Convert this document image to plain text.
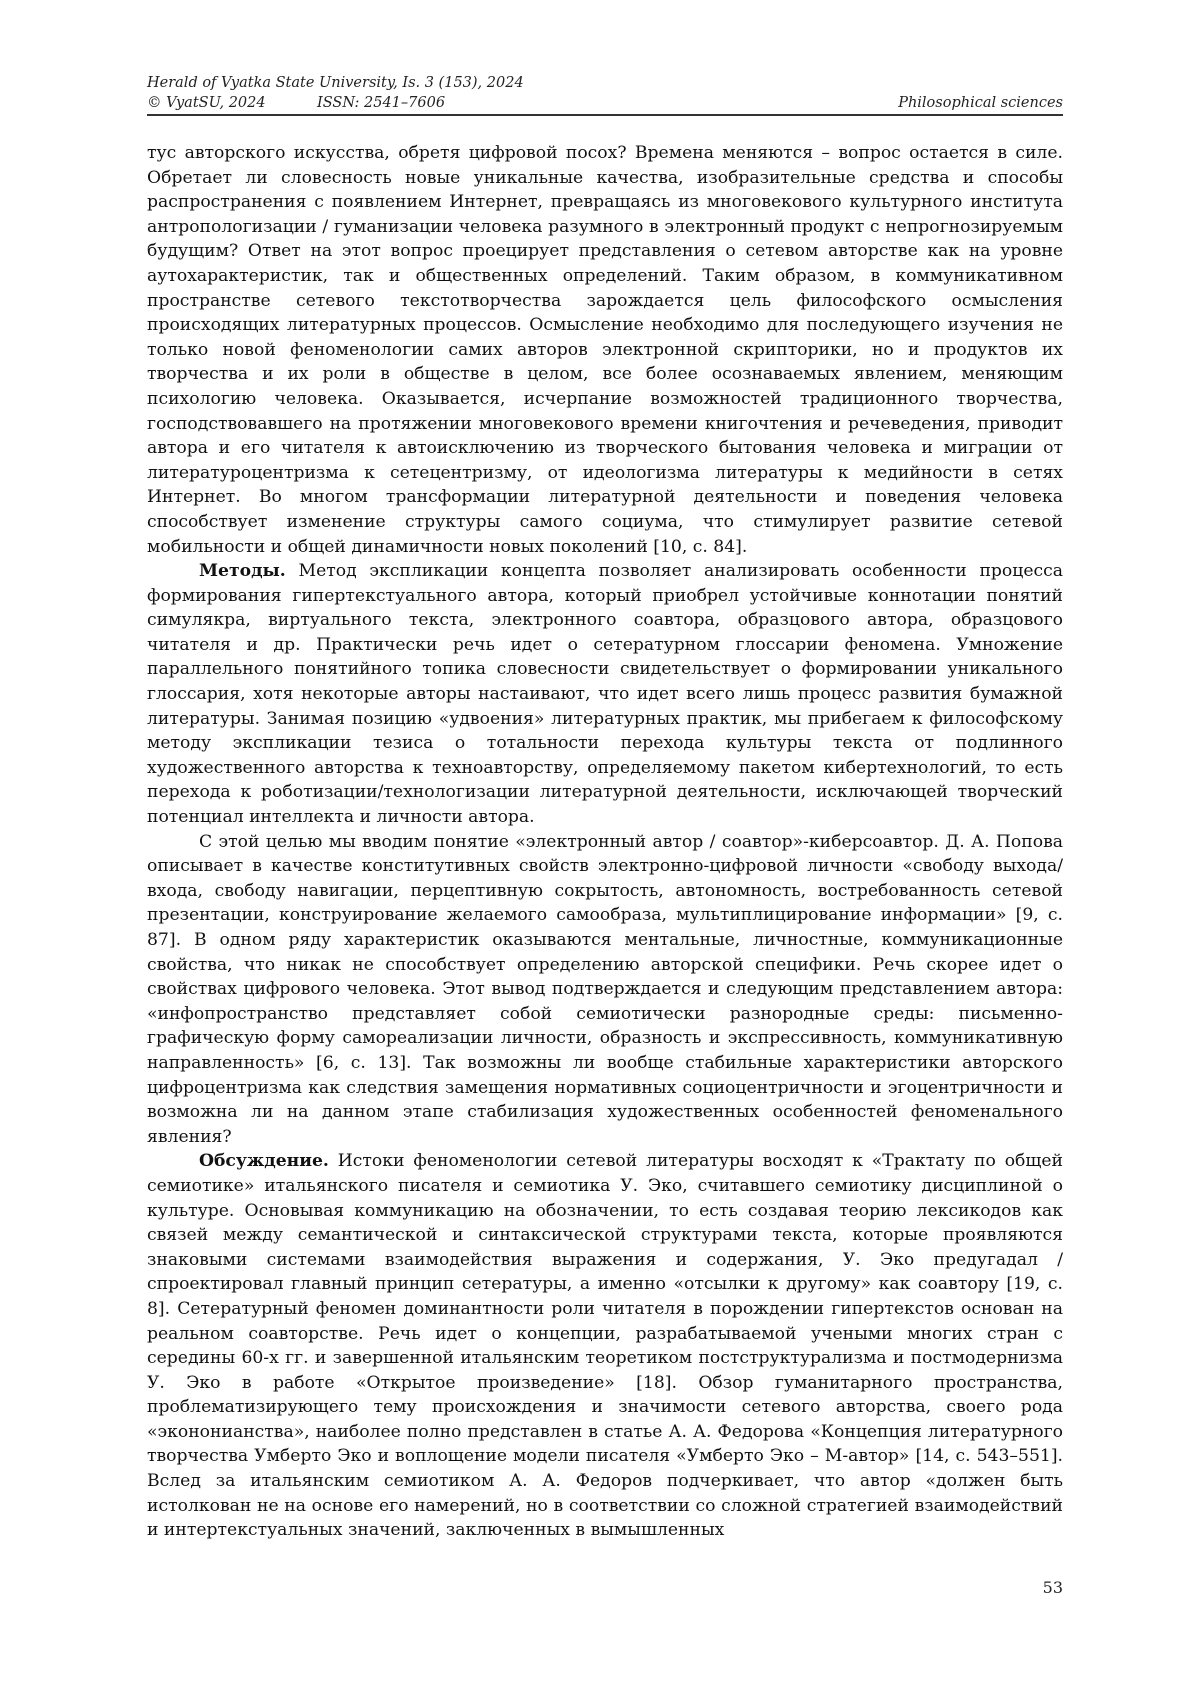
Herald of Vyatka State University, Is. 3 (153), 2024
© VyatSU, 2024	ISSN: 2541–7606	Philosophical sciences

тус авторского искусства, обретя цифровой посох? Времена меняются – вопрос остается в силе. Обретает ли словесность новые уникальные качества, изобразительные средства и способы распространения с появлением Интернет, превращаясь из многовекового культурного института антропологизации / гуманизации человека разумного в электронный продукт с непрогнозируемым будущим? Ответ на этот вопрос проецирует представления о сетевом авторстве как на уровне аутохарактеристик, так и общественных определений. Таким образом, в коммуникативном пространстве сетевого текстотворчества зарождается цель философского осмысления происходящих литературных процессов. Осмысление необходимо для последующего изучения не только новой феноменологии самих авторов электронной скрипторики, но и продуктов их творчества и их роли в обществе в целом, все более осознаваемых явлением, меняющим психологию человека. Оказывается, исчерпание возможностей традиционного творчества, господствовавшего на протяжении многовекового времени книгочтения и речеведения, приводит автора и его читателя к автоисключению из творческого бытования человека и миграции от литературоцентризма к сетецентризму, от идеологизма литературы к медийности в сетях Интернет. Во многом трансформации литературной деятельности и поведения человека способствует изменение структуры самого социума, что стимулирует развитие сетевой мобильности и общей динамичности новых поколений [10, с. 84].

Методы. Метод экспликации концепта позволяет анализировать особенности процесса формирования гипертекстуального автора, который приобрел устойчивые коннотации понятий симулякра, виртуального текста, электронного соавтора, образцового автора, образцового читателя и др. Практически речь идет о сетературном глоссарии феномена. Умножение параллельного понятийного топика словесности свидетельствует о формировании уникального глоссария, хотя некоторые авторы настаивают, что идет всего лишь процесс развития бумажной литературы. Занимая позицию «удвоения» литературных практик, мы прибегаем к философскому методу экспликации тезиса о тотальности перехода культуры текста от подлинного художественного авторства к техноавторству, определяемому пакетом кибертехнологий, то есть перехода к роботизации/технологизации литературной деятельности, исключающей творческий потенциал интеллекта и личности автора.

С этой целью мы вводим понятие «электронный автор / соавтор»-киберсоавтор. Д. А. Попова описывает в качестве конститутивных свойств электронно-цифровой личности «свободу выхода/входа, свободу навигации, перцептивную сокрытость, автономность, востребованность сетевой презентации, конструирование желаемого самообраза, мультиплицирование информации» [9, с. 87]. В одном ряду характеристик оказываются ментальные, личностные, коммуникационные свойства, что никак не способствует определению авторской специфики. Речь скорее идет о свойствах цифрового человека. Этот вывод подтверждается и следующим представлением автора: «инфопространство представляет собой семиотически разнородные среды: письменно-графическую форму самореализации личности, образность и экспрессивность, коммуникативную направленность» [6, с. 13]. Так возможны ли вообще стабильные характеристики авторского цифроцентризма как следствия замещения нормативных социоцентричности и эгоцентричности и возможна ли на данном этапе стабилизация художественных особенностей феноменального явления?

Обсуждение. Истоки феноменологии сетевой литературы восходят к «Трактату по общей семиотике» итальянского писателя и семиотика У. Эко, считавшего семиотику дисциплиной о культуре. Основывая коммуникацию на обозначении, то есть создавая теорию лексикодов как связей между семантической и синтаксической структурами текста, которые проявляются знаковыми системами взаимодействия выражения и содержания, У. Эко предугадал / спроектировал главный принцип сетературы, а именно «отсылки к другому» как соавтору [19, с. 8]. Сетературный феномен доминантности роли читателя в порождении гипертекстов основан на реальном соавторстве. Речь идет о концепции, разрабатываемой учеными многих стран с середины 60-х гг. и завершенной итальянским теоретиком постструктурализма и постмодернизма У. Эко в работе «Открытое произведение» [18]. Обзор гуманитарного пространства, проблематизирующего тему происхождения и значимости сетевого авторства, своего рода «экононианства», наиболее полно представлен в статье А. А. Федорова «Концепция литературного творчества Умберто Эко и воплощение модели писателя «Умберто Эко – М-автор» [14, с. 543–551]. Вслед за итальянским семиотиком А. А. Федоров подчеркивает, что автор «должен быть истолкован не на основе его намерений, но в соответствии со сложной стратегией взаимодействий и интертекстуальных значений, заключенных в вымышленных

53
